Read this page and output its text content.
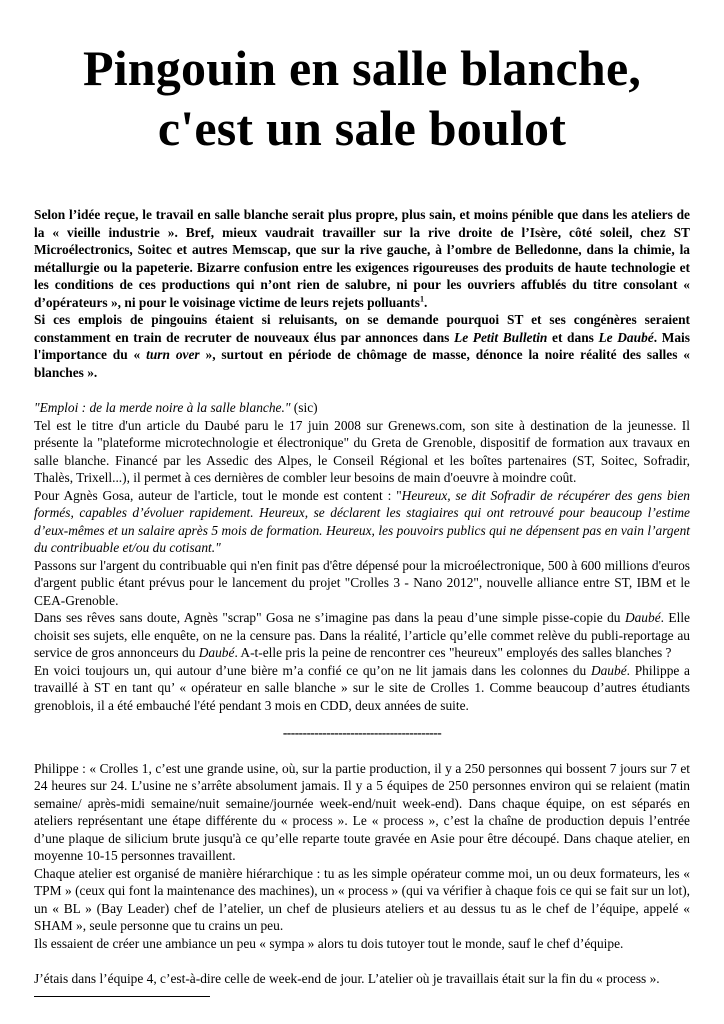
Pingouin en salle blanche,
c'est un sale boulot

Selon l’idée reçue, le travail en salle blanche serait plus propre, plus sain, et moins pénible que dans les ateliers de la « vieille industrie ». Bref, mieux vaudrait travailler sur la rive droite de l’Isère, côté soleil, chez ST Microélectronics, Soitec et autres Memscap, que sur la rive gauche, à l’ombre de Belledonne, dans la chimie, la métallurgie ou la papeterie. Bizarre confusion entre les exigences rigoureuses des produits de haute technologie et les conditions de ces productions qui n’ont rien de salubre, ni pour les ouvriers affublés du titre consolant « d’opérateurs », ni pour le voisinage victime de leurs rejets polluants$^1$.

Si ces emplois de pingouins étaient si reluisants, on se demande pourquoi ST et ses congénères seraient constamment en train de recruter de nouveaux élus par annonces dans Le Petit Bulletin et dans Le Daubé. Mais l'importance du « turn over », surtout en période de chômage de masse, dénonce la noire réalité des salles « blanches ».

"Emploi : de la merde noire à la salle blanche." (sic)

Tel est le titre d'un article du Daubé paru le 17 juin 2008 sur Grenews.com, son site à destination de la jeunesse. Il présente la "plateforme microtechnologie et électronique" du Greta de Grenoble, dispositif de formation aux travaux en salle blanche. Financé par les Assedic des Alpes, le Conseil Régional et les boîtes partenaires (ST, Soitec, Sofradir, Thalès, Trixell...), il permet à ces dernières de combler leur besoins de main d'oeuvre à moindre coût.

Pour Agnès Gosa, auteur de l'article, tout le monde est content : "Heureux, se dit Sofradir de récupérer des gens bien formés, capables d’évoluer rapidement. Heureux, se déclarent les stagiaires qui ont retrouvé pour beaucoup l’estime d’eux-mêmes et un salaire après 5 mois de formation. Heureux, les pouvoirs publics qui ne dépensent pas en vain l’argent du contribuable et/ou du cotisant."

Passons sur l'argent du contribuable qui n'en finit pas d'être dépensé pour la microélectronique, 500 à 600 millions d'euros d'argent public étant prévus pour le lancement du projet "Crolles 3 - Nano 2012", nouvelle alliance entre ST, IBM et le CEA-Grenoble.

Dans ses rêves sans doute, Agnès "scrap" Gosa ne s’imagine pas dans la peau d’une simple pisse-copie du Daubé. Elle choisit ses sujets, elle enquête, on ne la censure pas. Dans la réalité, l’article qu’elle commet relève du publi-reportage au service de gros annonceurs du Daubé. A-t-elle pris la peine de rencontrer ces "heureux" employés des salles blanches ?

En voici toujours un, qui autour d’une bière m’a confié ce qu’on ne lit jamais dans les colonnes du Daubé. Philippe a travaillé à ST en tant qu’ « opérateur en salle blanche » sur le site de Crolles 1. Comme beaucoup d’autres étudiants grenoblois, il a été embauché l'été pendant 3 mois en CDD, deux années de suite.

----------------------------------------

Philippe : « Crolles 1, c’est une grande usine, où, sur la partie production, il y a 250 personnes qui bossent 7 jours sur 7 et 24 heures sur 24. L’usine ne s’arrête absolument jamais. Il y a 5 équipes de 250 personnes environ qui se relaient (matin semaine/ après-midi semaine/nuit semaine/journée week-end/nuit week-end). Dans chaque équipe, on est séparés en ateliers représentant une étape différente du « process ». Le « process », c’est la chaîne de production depuis l’entrée d’une plaque de silicium brute jusqu'à ce qu’elle reparte toute gravée en Asie pour être découpé. Dans chaque atelier, en moyenne 10-15 personnes travaillent.

Chaque atelier est organisé de manière hiérarchique : tu as les simple opérateur comme moi, un ou deux formateurs, les « TPM » (ceux qui font la maintenance des machines), un « process » (qui va vérifier à chaque fois ce qui se fait sur un lot), un « BL » (Bay Leader) chef de l’atelier, un chef de plusieurs ateliers et au dessus tu as le chef de l’équipe, appelé « SHAM », seule personne que tu crains un peu.

Ils essaient de créer une ambiance un peu « sympa » alors tu dois tutoyer tout le monde, sauf le chef d’équipe.

J’étais dans l’équipe 4, c’est-à-dire celle de week-end de jour. L’atelier où je travaillais était sur la fin du « process ».
